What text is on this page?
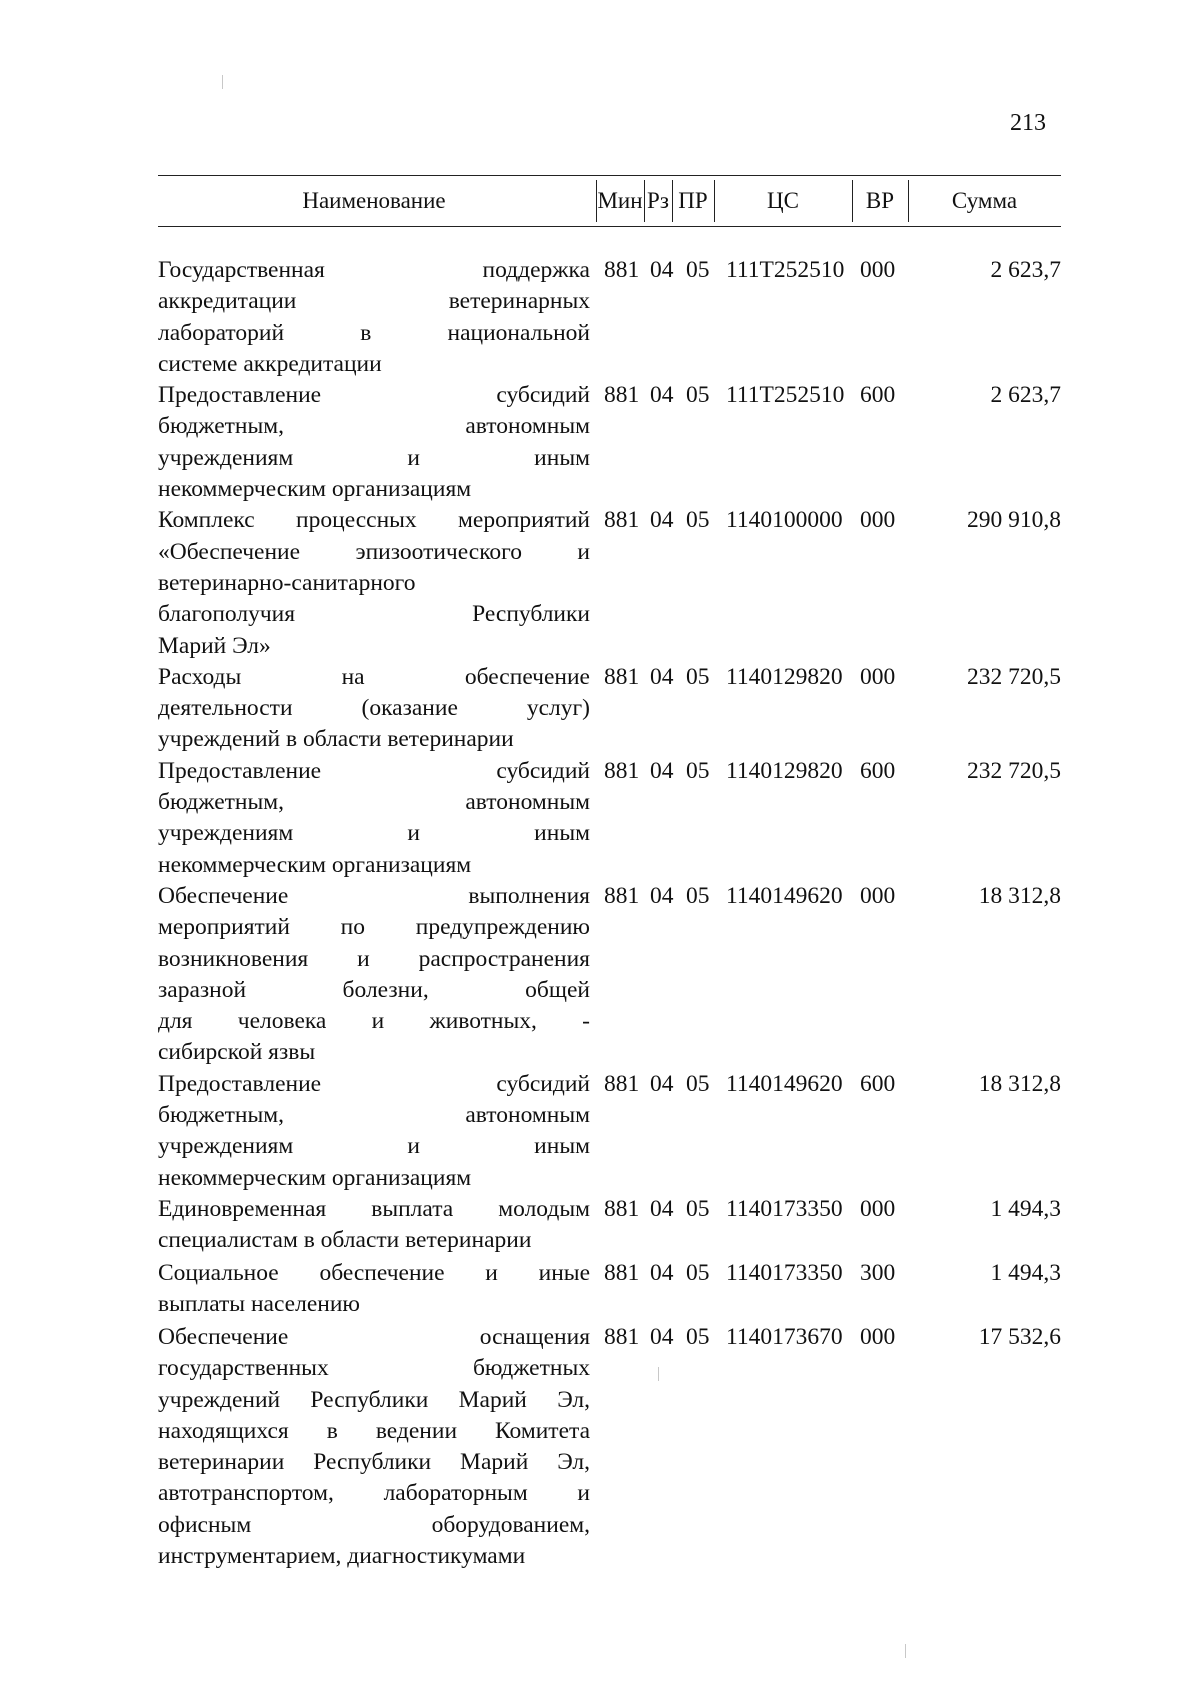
213
Наименование	Мин Рз ПР	ЦС	ВР	Сумма
Государственная поддержка
аккредитации ветеринарных
лабораторий в национальной
системе аккредитации
881 04 05 111Т252510 000	2 623,7
Предоставление субсидий
бюджетным, автономным
учреждениям и иным
некоммерческим организациям
881 04 05 111Т252510 600	2 623,7
Комплекс процессных мероприятий
«Обеспечение эпизоотического и
ветеринарно-санитарного
благополучия Республики
Марий Эл»
881 04 05 1140100000 000	290 910,8
Расходы на обеспечение
деятельности (оказание услуг)
учреждений в области ветеринарии
881 04 05 1140129820 000	232 720,5
Предоставление субсидий
бюджетным, автономным
учреждениям и иным
некоммерческим организациям
881 04 05 1140129820 600	232 720,5
Обеспечение выполнения
мероприятий по предупреждению
возникновения и распространения
заразной болезни, общей
для человека и животных, -
сибирской язвы
881 04 05 1140149620 000	18 312,8
Предоставление субсидий
бюджетным, автономным
учреждениям и иным
некоммерческим организациям
881 04 05 1140149620 600	18 312,8
Единовременная выплата молодым
специалистам в области ветеринарии
881 04 05 1140173350 000	1 494,3
Социальное обеспечение и иные
выплаты населению
881 04 05 1140173350 300	1 494,3
Обеспечение оснащения
государственных бюджетных
учреждений Республики Марий Эл,
находящихся в ведении Комитета
ветеринарии Республики Марий Эл,
автотранспортом, лабораторным и
офисным оборудованием,
инструментарием, диагностикумами
881 04 05 1140173670 000	17 532,6
